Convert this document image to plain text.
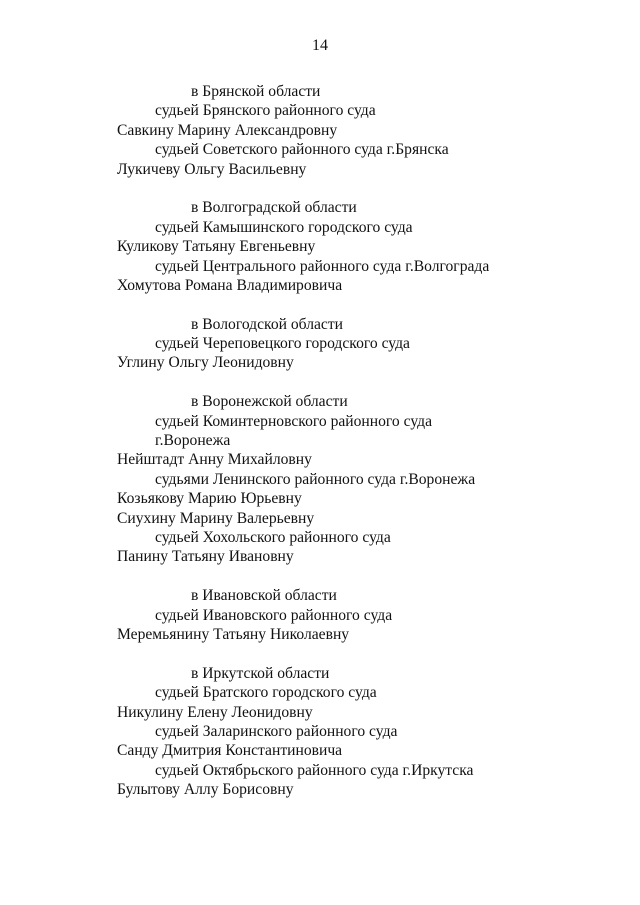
14
в Брянской области
судьей Брянского районного суда
Савкину Марину Александровну
судьей Советского районного суда г.Брянска
Лукичеву Ольгу Васильевну
в Волгоградской области
судьей Камышинского городского суда
Куликову Татьяну Евгеньевну
судьей Центрального районного суда г.Волгограда
Хомутова Романа Владимировича
в Вологодской области
судьей Череповецкого городского суда
Углину Ольгу Леонидовну
в Воронежской области
судьей Коминтерновского районного суда
г.Воронежа
Нейштадт Анну Михайловну
судьями Ленинского районного суда г.Воронежа
Козьякову Марию Юрьевну
Сиухину Марину Валерьевну
судьей Хохольского районного суда
Панину Татьяну Ивановну
в Ивановской области
судьей Ивановского районного суда
Меремьянину Татьяну Николаевну
в Иркутской области
судьей Братского городского суда
Никулину Елену Леонидовну
судьей Заларинского районного суда
Санду Дмитрия Константиновича
судьей Октябрьского районного суда г.Иркутска
Булытову Аллу Борисовну
